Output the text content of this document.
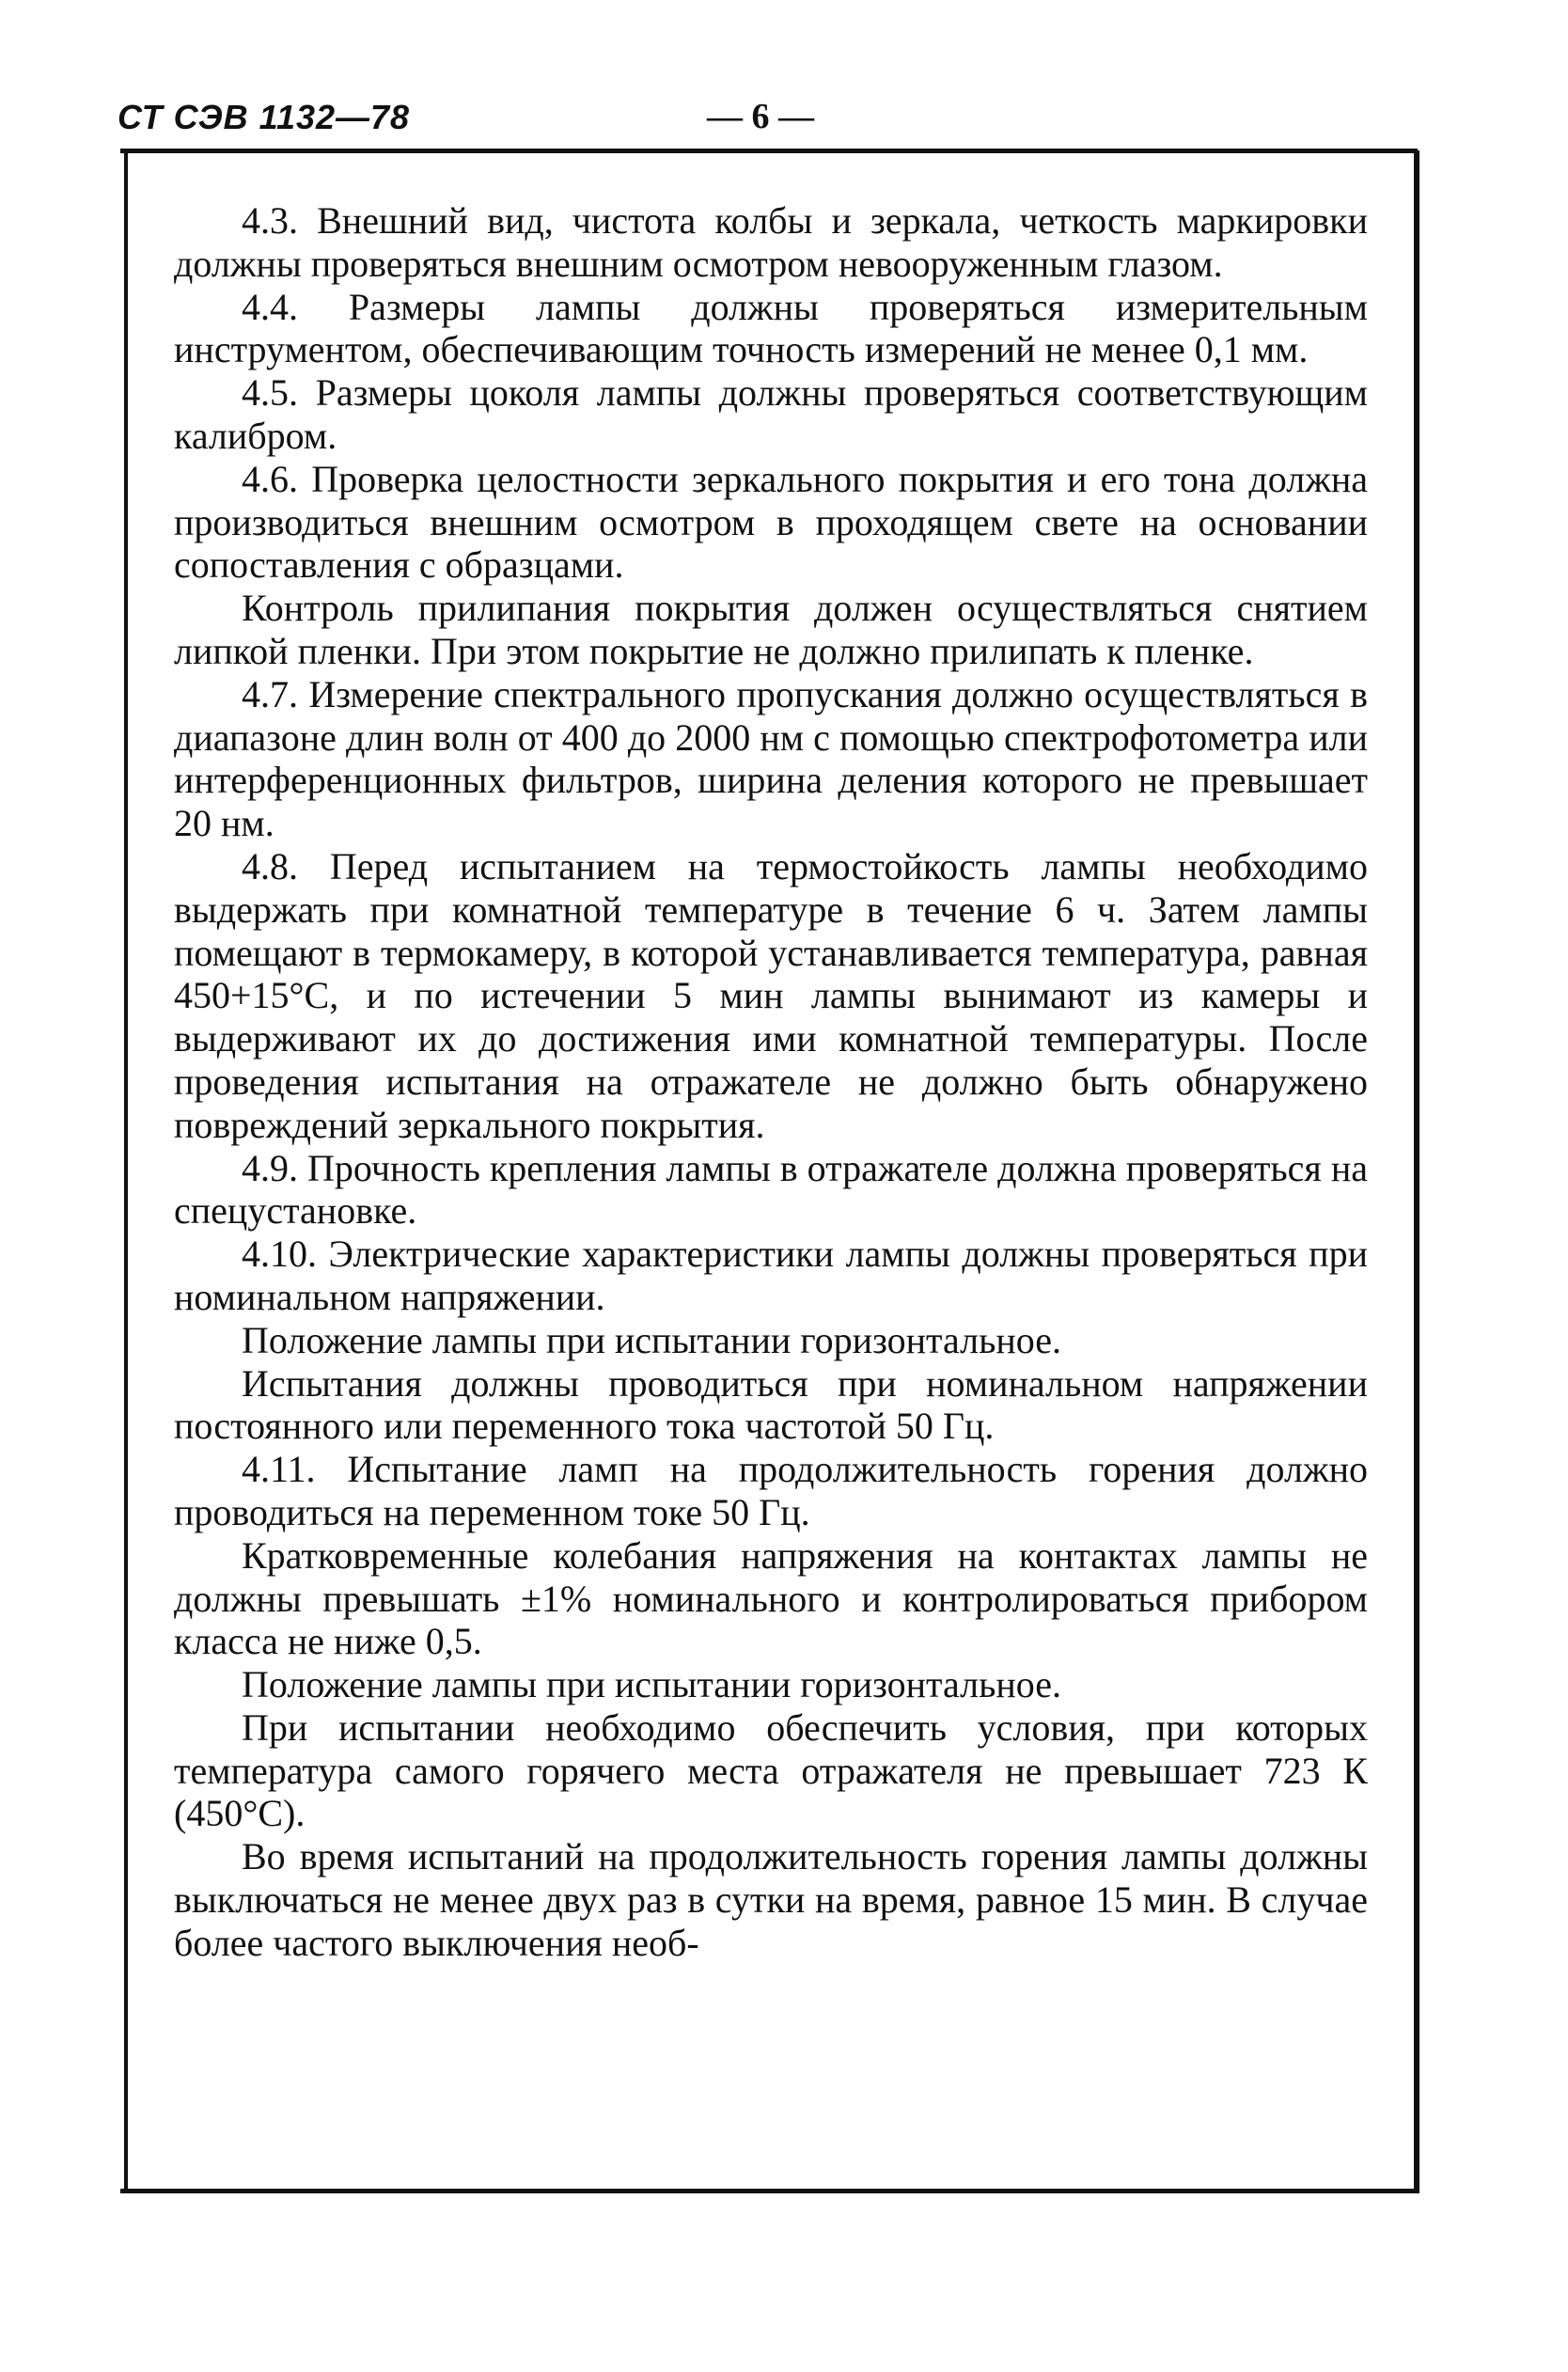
СТ СЭВ 1132—78	— 6 —

4.3. Внешний вид, чистота колбы и зеркала, четкость маркировки должны проверяться внешним осмотром невооруженным глазом.

4.4. Размеры лампы должны проверяться измерительным инструментом, обеспечивающим точность измерений не менее 0,1 мм.

4.5. Размеры цоколя лампы должны проверяться соответствующим калибром.

4.6. Проверка целостности зеркального покрытия и его тона должна производиться внешним осмотром в проходящем свете на основании сопоставления с образцами.

Контроль прилипания покрытия должен осуществляться снятием липкой пленки. При этом покрытие не должно прилипать к пленке.

4.7. Измерение спектрального пропускания должно осуществляться в диапазоне длин волн от 400 до 2000 нм с помощью спектрофотометра или интерференционных фильтров, ширина деления которого не превышает 20 нм.

4.8. Перед испытанием на термостойкость лампы необходимо выдержать при комнатной температуре в течение 6 ч. Затем лампы помещают в термокамеру, в которой устанавливается температура, равная 450+15°С, и по истечении 5 мин лампы вынимают из камеры и выдерживают их до достижения ими комнатной температуры. После проведения испытания на отражателе не должно быть обнаружено повреждений зеркального покрытия.

4.9. Прочность крепления лампы в отражателе должна проверяться на спецустановке.

4.10. Электрические характеристики лампы должны проверяться при номинальном напряжении.

Положение лампы при испытании горизонтальное.

Испытания должны проводиться при номинальном напряжении постоянного или переменного тока частотой 50 Гц.

4.11. Испытание ламп на продолжительность горения должно проводиться на переменном токе 50 Гц.

Кратковременные колебания напряжения на контактах лампы не должны превышать ±1% номинального и контролироваться прибором класса не ниже 0,5.

Положение лампы при испытании горизонтальное.

При испытании необходимо обеспечить условия, при которых температура самого горячего места отражателя не превышает 723 К (450°С).

Во время испытаний на продолжительность горения лампы должны выключаться не менее двух раз в сутки на время, равное 15 мин. В случае более частого выключения необ-
